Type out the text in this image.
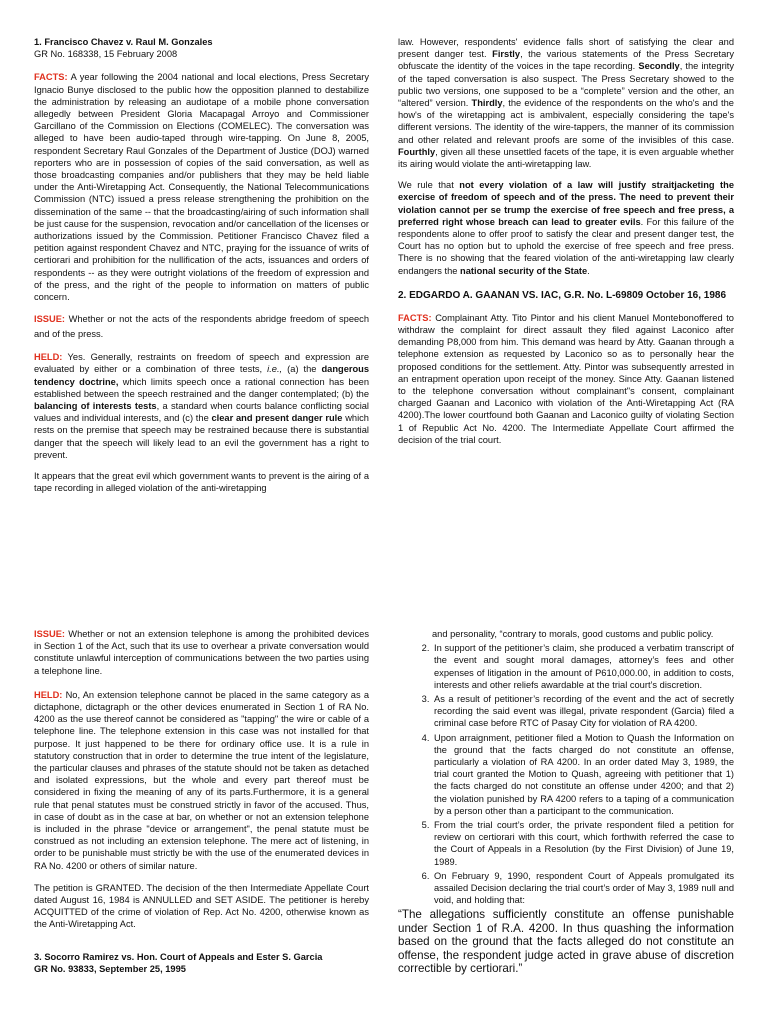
1. Francisco Chavez v. Raul M. Gonzales

GR No. 168338, 15 February 2008

FACTS: A year following the 2004 national and local elections, Press Secretary Ignacio Bunye disclosed to the public how the opposition planned to destabilize the administration by releasing an audiotape of a mobile phone conversation allegedly between President Gloria Macapagal Arroyo and Commissioner Garcillano of the Commission on Elections (COMELEC). The conversation was alleged to have been audio-taped through wire-tapping. On June 8, 2005, respondent Secretary Raul Gonzales of the Department of Justice (DOJ) warned reporters who are in possession of copies of the said conversation, as well as those broadcasting companies and/or publishers that they may be held liable under the Anti-Wiretapping Act. Consequently, the National Telecommunications Commission (NTC) issued a press release strengthening the prohibition on the dissemination of the same -- that the broadcasting/airing of such information shall be just cause for the suspension, revocation and/or cancellation of the licenses or authorizations issued by the Commission. Petitioner Francisco Chavez filed a petition against respondent Chavez and NTC, praying for the issuance of writs of certiorari and prohibition for the nullification of the acts, issuances and orders of respondents -- as they were outright violations of the freedom of expression and of the press, and the right of the people to information on matters of public concern.

ISSUE: Whether or not the acts of the respondents abridge freedom of speech and of the press.

HELD: Yes. Generally, restraints on freedom of speech and expression are evaluated by either or a combination of three tests, i.e., (a) the dangerous tendency doctrine, which limits speech once a rational connection has been established between the speech restrained and the danger contemplated; (b) the balancing of interests tests, a standard when courts balance conflicting social values and individual interests, and (c) the clear and present danger rule which rests on the premise that speech may be restrained because there is substantial danger that the speech will likely lead to an evil the government has a right to prevent.

It appears that the great evil which government wants to prevent is the airing of a tape recording in alleged violation of the anti-wiretapping

law. However, respondents' evidence falls short of satisfying the clear and present danger test. Firstly, the various statements of the Press Secretary obfuscate the identity of the voices in the tape recording. Secondly, the integrity of the taped conversation is also suspect. The Press Secretary showed to the public two versions, one supposed to be a “complete” version and the other, an “altered” version. Thirdly, the evidence of the respondents on the who's and the how's of the wiretapping act is ambivalent, especially considering the tape's different versions. The identity of the wire-tappers, the manner of its commission and other related and relevant proofs are some of the invisibles of this case. Fourthly, given all these unsettled facets of the tape, it is even arguable whether its airing would violate the anti-wiretapping law.

We rule that not every violation of a law will justify straitjacketing the exercise of freedom of speech and of the press. The need to prevent their violation cannot per se trump the exercise of free speech and free press, a preferred right whose breach can lead to greater evils. For this failure of the respondents alone to offer proof to satisfy the clear and present danger test, the Court has no option but to uphold the exercise of free speech and free press. There is no showing that the feared violation of the anti-wiretapping law clearly endangers the national security of the State.

2. EDGARDO A. GAANAN VS. IAC, G.R. No. L-69809 October 16, 1986

FACTS: Complainant Atty. Tito Pintor and his client Manuel Montebonoffered to withdraw the complaint for direct assault they filed against Laconico after demanding P8,000 from him. This demand was heard by Atty. Gaanan through a telephone extension as requested by Laconico so as to personally hear the proposed conditions for the settlement. Atty. Pintor was subsequently arrested in an entrapment operation upon receipt of the money. Since Atty. Gaanan listened to the telephone conversation without complainant"s consent, complainant charged Gaanan and Laconico with violation of the Anti-Wiretapping Act (RA 4200).The lower courtfound both Gaanan and Laconico guilty of violating Section 1 of Republic Act No. 4200. The Intermediate Appellate Court affirmed the decision of the trial court.

ISSUE: Whether or not an extension telephone is among the prohibited devices in Section 1 of the Act, such that its use to overhear a private conversation would constitute unlawful interception of communications between the two parties using a telephone line.

HELD: No, An extension telephone cannot be placed in the same category as a dictaphone, dictagraph or the other devices enumerated in Section 1 of RA No. 4200 as the use thereof cannot be considered as "tapping" the wire or cable of a telephone line. The telephone extension in this case was not installed for that purpose. It just happened to be there for ordinary office use. It is a rule in statutory construction that in order to determine the true intent of the legislature, the particular clauses and phrases of the statute should not be taken as detached and isolated expressions, but the whole and every part thereof must be considered in fixing the meaning of any of its parts.Furthermore, it is a general rule that penal statutes must be construed strictly in favor of the accused. Thus, in case of doubt as in the case at bar, on whether or not an extension telephone is included in the phrase "device or arrangement", the penal statute must be construed as not including an extension telephone. The mere act of listening, in order to be punishable must strictly be with the use of the enumerated devices in RA No. 4200 or others of similar nature.

The petition is GRANTED. The decision of the then Intermediate Appellate Court dated August 16, 1984 is ANNULLED and SET ASIDE. The petitioner is hereby ACQUITTED of the crime of violation of Rep. Act No. 4200, otherwise known as the Anti-Wiretapping Act.

3. Socorro Ramirez vs. Hon. Court of Appeals and Ester S. Garcia

GR No. 93833, September 25, 1995

and personality, “contrary to morals, good customs and public policy.

2. In support of the petitioner’s claim, she produced a verbatim transcript of the event and sought moral damages, attorney’s fees and other expenses of litigation in the amount of P610,000.00, in addition to costs, interests and other reliefs awardable at the trial court’s discretion.
3. As a result of petitioner’s recording of the event and the act of secretly recording the said event was illegal, private respondent (Garcia) filed a criminal case before RTC of Pasay City for violation of RA 4200.
4. Upon arraignment, petitioner filed a Motion to Quash the Information on the ground that the facts charged do not constitute an offense, particularly a violation of RA 4200. In an order dated May 3, 1989, the trial court granted the Motion to Quash, agreeing with petitioner that 1) the facts charged do not constitute an offense under 4200; and that 2) the violation punished by RA 4200 refers to a taping of a communication by a person other than a participant to the communication.
5. From the trial court’s order, the private respondent filed a petition for review on certiorari with this court, which forthwith referred the case to the Court of Appeals in a Resolution (by the First Division) of June 19, 1989.
6. On February 9, 1990, respondent Court of Appeals promulgated its assailed Decision declaring the trial court’s order of May 3, 1989 null and void, and holding that:
“The allegations sufficiently constitute an offense punishable under Section 1 of R.A. 4200. In thus quashing the information based on the ground that the facts alleged do not constitute an offense, the respondent judge acted in grave abuse of discretion correctible by certiorari.”
